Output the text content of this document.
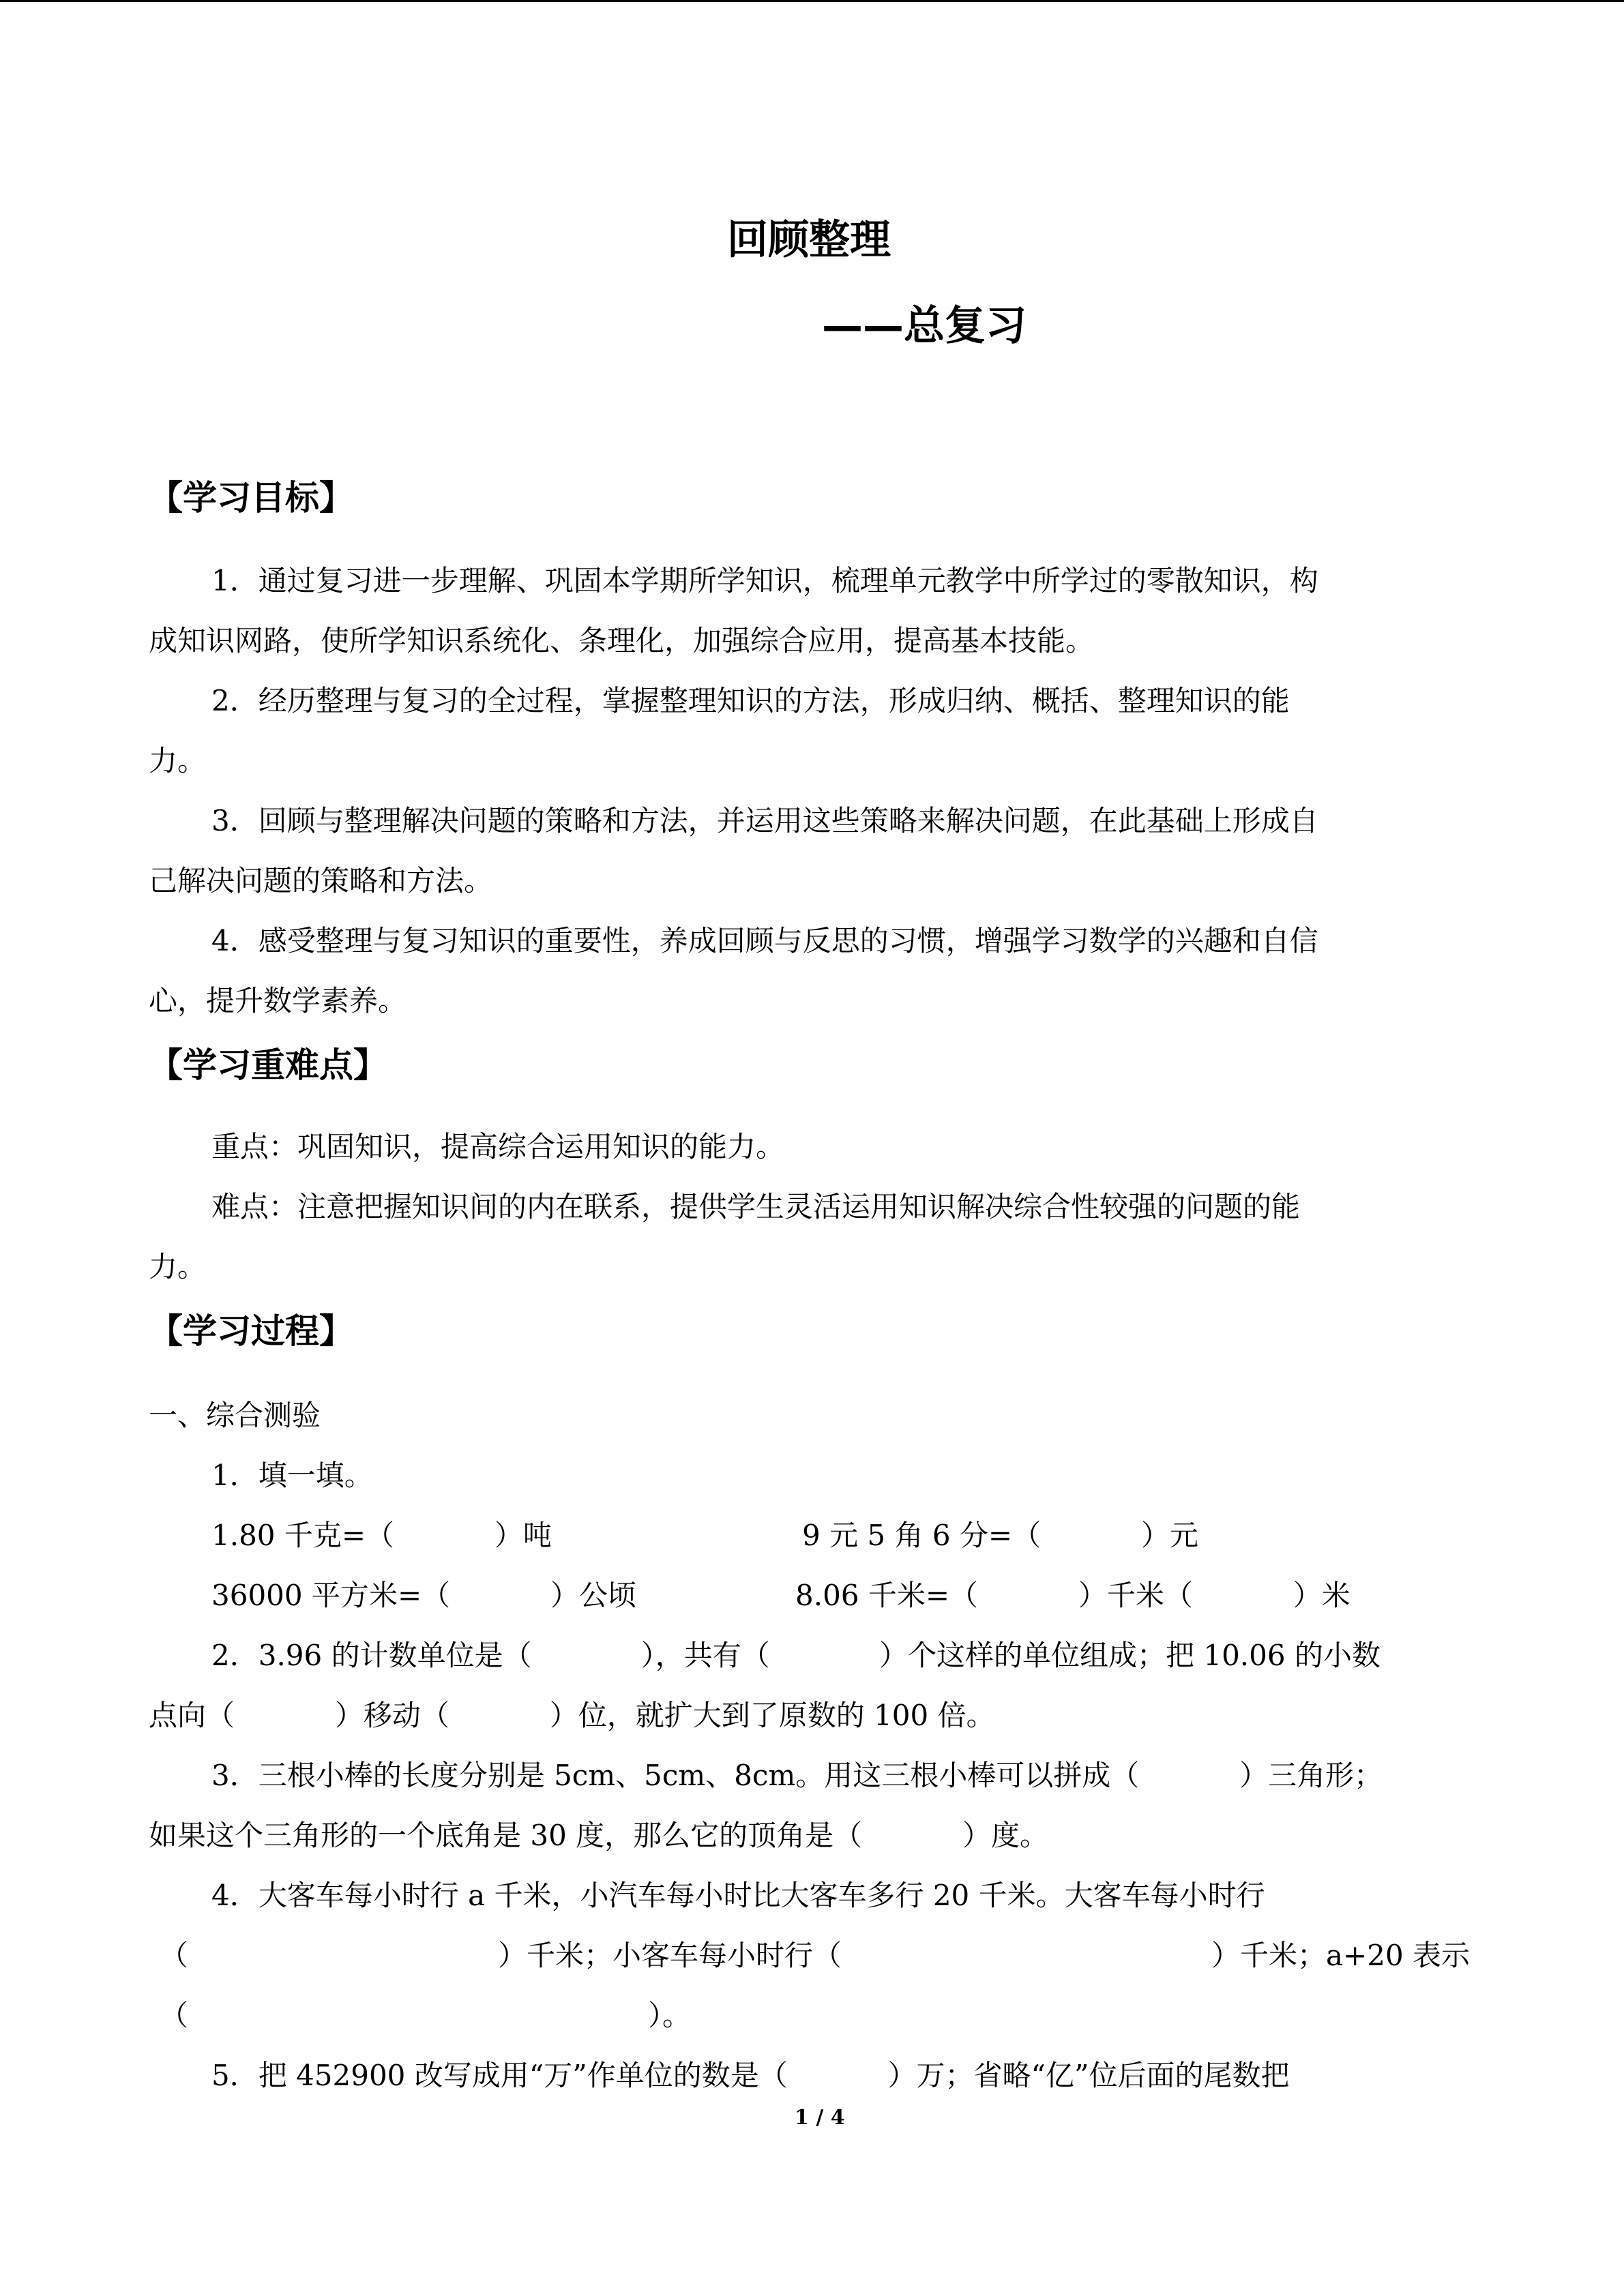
回顾整理
——总复习
【学习目标】
1．通过复习进一步理解、巩固本学期所学知识，梳理单元教学中所学过的零散知识，构
成知识网路，使所学知识系统化、条理化，加强综合应用，提高基本技能。
2．经历整理与复习的全过程，掌握整理知识的方法，形成归纳、概括、整理知识的能
力。
3．回顾与整理解决问题的策略和方法，并运用这些策略来解决问题，在此基础上形成自
己解决问题的策略和方法。
4．感受整理与复习知识的重要性，养成回顾与反思的习惯，增强学习数学的兴趣和自信
心，提升数学素养。
【学习重难点】
重点：巩固知识，提高综合运用知识的能力。
难点：注意把握知识间的内在联系，提供学生灵活运用知识解决综合性较强的问题的能
力。
【学习过程】
一、综合测验
1．填一填。
1.80 千克=（           ）吨	9 元 5 角 6 分=（           ）元
36000 平方米=（           ）公顷	8.06 千米=（           ）千米（           ）米
2．3.96 的计数单位是（            ），共有（            ）个这样的单位组成；把 10.06 的小数
点向（           ）移动（           ）位，就扩大到了原数的 100 倍。
3．三根小棒的长度分别是 5cm、5cm、8cm。用这三根小棒可以拼成（           ）三角形；
如果这个三角形的一个底角是 30 度，那么它的顶角是（           ）度。
4．大客车每小时行 a 千米，小汽车每小时比大客车多行 20 千米。大客车每小时行
（	）千米；小客车每小时行（	）千米；a+20 表示
（	）。
5．把 452900 改写成用“万”作单位的数是（           ）万；省略“亿”位后面的尾数把
1 / 4
